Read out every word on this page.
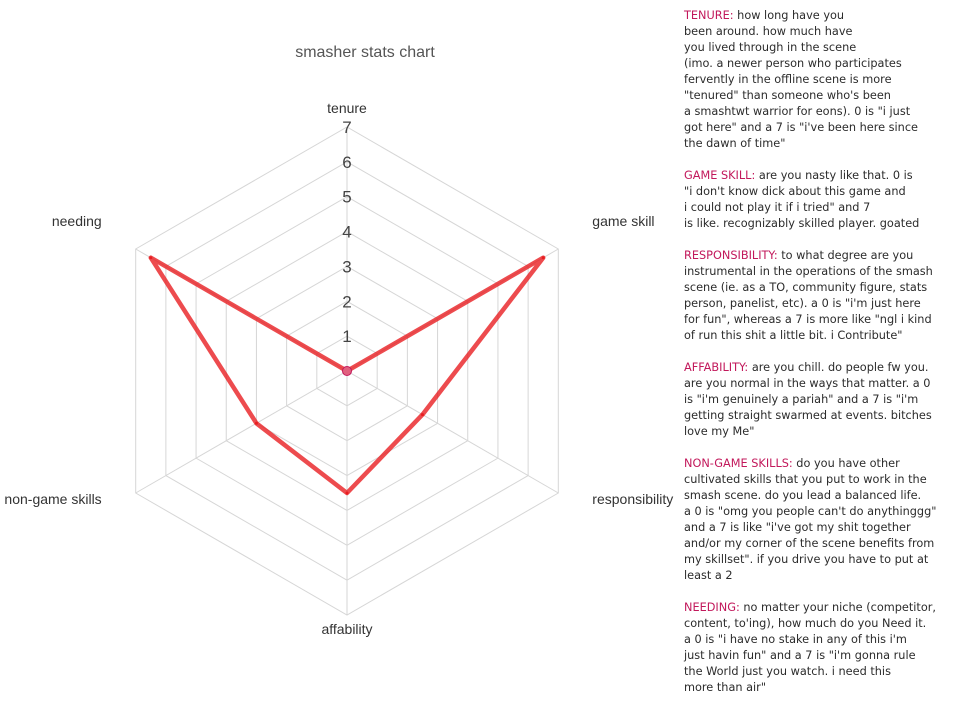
smasher stats chart
1
2
3
4
5
6
7
tenure
game skill
responsibility
affability
non-game skills
needing

TENURE: how long have you
been around. how much have
you lived through in the scene
(imo. a newer person who participates
fervently in the offline scene is more
"tenured" than someone who's been
a smashtwt warrior for eons). 0 is "i just
got here" and a 7 is "i've been here since
the dawn of time"

GAME SKILL: are you nasty like that. 0 is
"i don't know dick about this game and
i could not play it if i tried" and 7
is like. recognizably skilled player. goated

RESPONSIBILITY: to what degree are you
instrumental in the operations of the smash
scene (ie. as a TO, community figure, stats
person, panelist, etc). a 0 is "i'm just here
for fun", whereas a 7 is more like "ngl i kind
of run this shit a little bit. i Contribute"

AFFABILITY: are you chill. do people fw you.
are you normal in the ways that matter. a 0
is "i'm genuinely a pariah" and a 7 is "i'm
getting straight swarmed at events. bitches
love my Me"

NON-GAME SKILLS: do you have other
cultivated skills that you put to work in the
smash scene. do you lead a balanced life.
a 0 is "omg you people can't do anythinggg"
and a 7 is like "i've got my shit together
and/or my corner of the scene benefits from
my skillset". if you drive you have to put at
least a 2

NEEDING: no matter your niche (competitor,
content, to'ing), how much do you Need it.
a 0 is "i have no stake in any of this i'm
just havin fun" and a 7 is "i'm gonna rule
the World just you watch. i need this
more than air"
